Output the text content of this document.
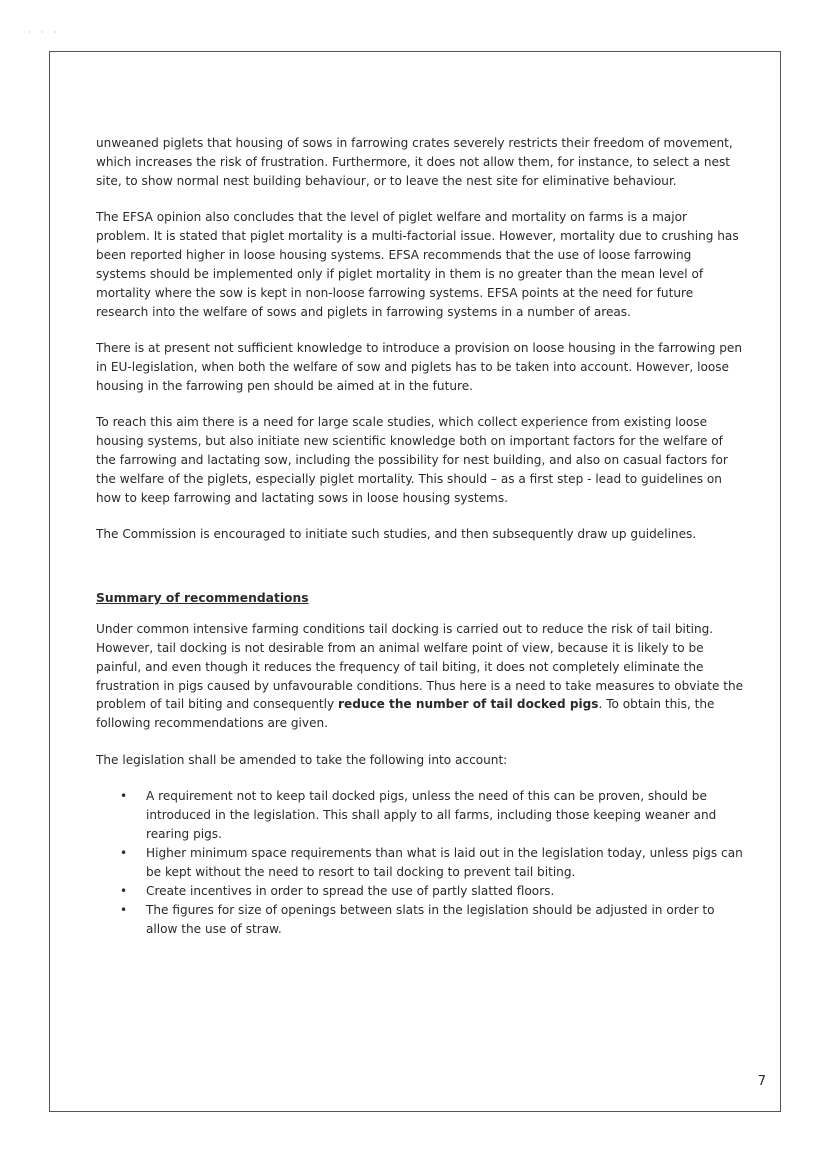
···

unweaned piglets that housing of sows in farrowing crates severely restricts their freedom of movement, which increases the risk of frustration. Furthermore, it does not allow them, for instance, to select a nest site, to show normal nest building behaviour, or to leave the nest site for eliminative behaviour.

The EFSA opinion also concludes that the level of piglet welfare and mortality on farms is a major problem. It is stated that piglet mortality is a multi-factorial issue. However, mortality due to crushing has been reported higher in loose housing systems. EFSA recommends that the use of loose farrowing systems should be implemented only if piglet mortality in them is no greater than the mean level of mortality where the sow is kept in non-loose farrowing systems. EFSA points at the need for future research into the welfare of sows and piglets in farrowing systems in a number of areas.

There is at present not sufficient knowledge to introduce a provision on loose housing in the farrowing pen in EU-legislation, when both the welfare of sow and piglets has to be taken into account. However, loose housing in the farrowing pen should be aimed at in the future.

To reach this aim there is a need for large scale studies, which collect experience from existing loose housing systems, but also initiate new scientific knowledge both on important factors for the welfare of the farrowing and lactating sow, including the possibility for nest building, and also on casual factors for the welfare of the piglets, especially piglet mortality. This should – as a first step - lead to guidelines on how to keep farrowing and lactating sows in loose housing systems.

The Commission is encouraged to initiate such studies, and then subsequently draw up guidelines.

Summary of recommendations

Under common intensive farming conditions tail docking is carried out to reduce the risk of tail biting. However, tail docking is not desirable from an animal welfare point of view, because it is likely to be painful, and even though it reduces the frequency of tail biting, it does not completely eliminate the frustration in pigs caused by unfavourable conditions. Thus here is a need to take measures to obviate the problem of tail biting and consequently reduce the number of tail docked pigs. To obtain this, the following recommendations are given.

The legislation shall be amended to take the following into account:

• A requirement not to keep tail docked pigs, unless the need of this can be proven, should be introduced in the legislation. This shall apply to all farms, including those keeping weaner and rearing pigs.
• Higher minimum space requirements than what is laid out in the legislation today, unless pigs can be kept without the need to resort to tail docking to prevent tail biting.
• Create incentives in order to spread the use of partly slatted floors.
• The figures for size of openings between slats in the legislation should be adjusted in order to allow the use of straw.
7
